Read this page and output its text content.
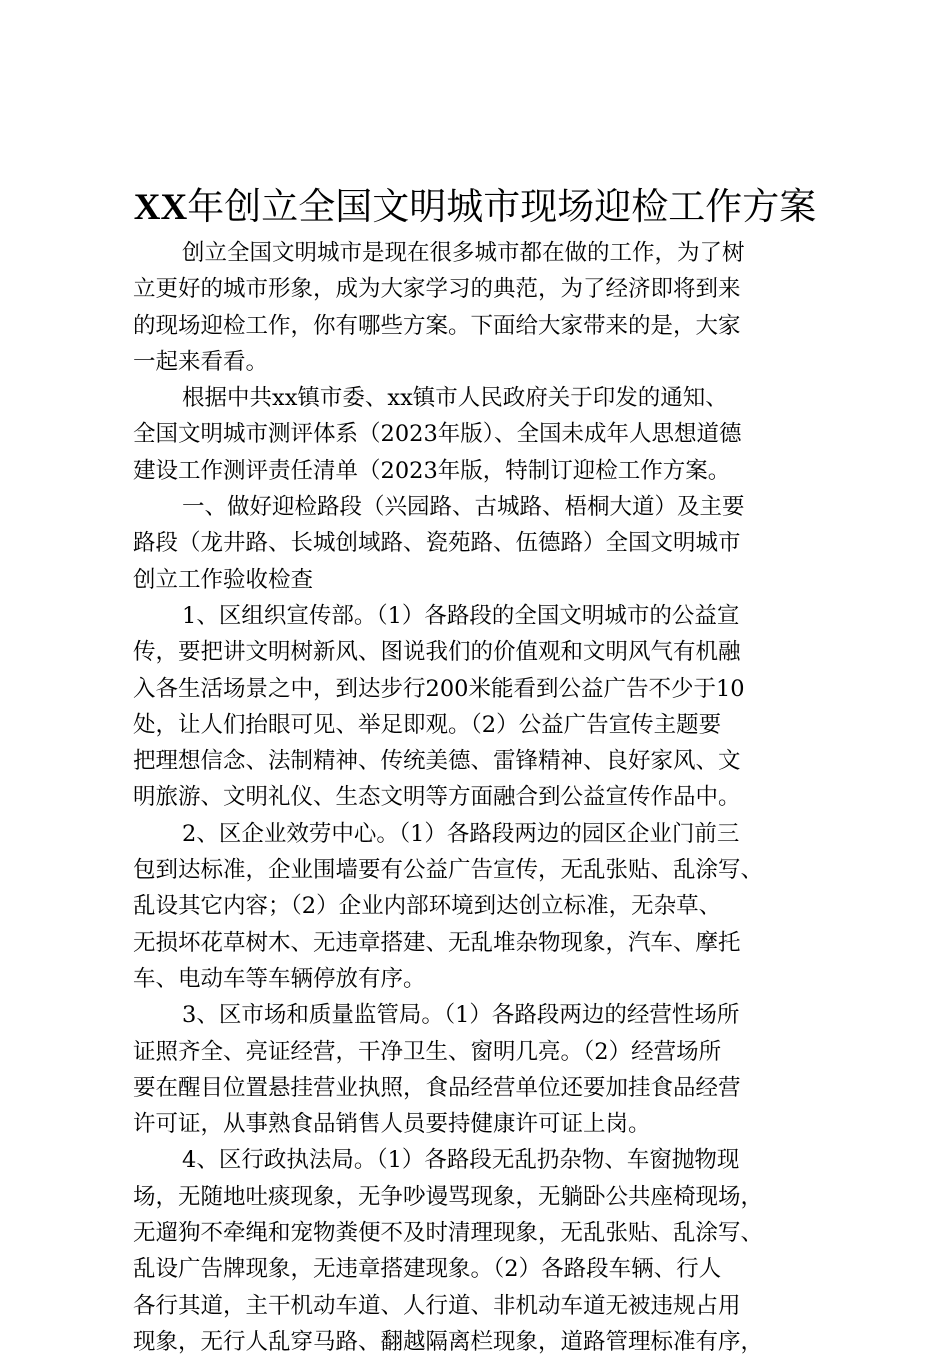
XX年创立全国文明城市现场迎检工作方案

创立全国文明城市是现在很多城市都在做的工作，为了树

立更好的城市形象，成为大家学习的典范，为了经济即将到来

的现场迎检工作，你有哪些方案。下面给大家带来的是，大家

一起来看看。

根据中共xx镇市委、xx镇市人民政府关于印发的通知、

全国文明城市测评体系（2023年版）、全国未成年人思想道德

建设工作测评责任清单（2023年版，特制订迎检工作方案。

一、做好迎检路段（兴园路、古城路、梧桐大道）及主要

路段（龙井路、长城创域路、瓷苑路、伍德路）全国文明城市

创立工作验收检查

1、区组织宣传部。（1）各路段的全国文明城市的公益宣

传，要把讲文明树新风、图说我们的价值观和文明风气有机融

入各生活场景之中，到达步行200米能看到公益广告不少于10

处，让人们抬眼可见、举足即观。（2）公益广告宣传主题要

把理想信念、法制精神、传统美德、雷锋精神、良好家风、文

明旅游、文明礼仪、生态文明等方面融合到公益宣传作品中。

2、区企业效劳中心。（1）各路段两边的园区企业门前三

包到达标准，企业围墙要有公益广告宣传，无乱张贴、乱涂写、

乱设其它内容；（2）企业内部环境到达创立标准，无杂草、

无损坏花草树木、无违章搭建、无乱堆杂物现象，汽车、摩托

车、电动车等车辆停放有序。

3、区市场和质量监管局。（1）各路段两边的经营性场所

证照齐全、亮证经营，干净卫生、窗明几亮。（2）经营场所

要在醒目位置悬挂营业执照，食品经营单位还要加挂食品经营

许可证，从事熟食品销售人员要持健康许可证上岗。

4、区行政执法局。（1）各路段无乱扔杂物、车窗抛物现

场，无随地吐痰现象，无争吵谩骂现象，无躺卧公共座椅现场，

无遛狗不牵绳和宠物粪便不及时清理现象，无乱张贴、乱涂写、

乱设广告牌现象，无违章搭建现象。（2）各路段车辆、行人

各行其道，主干机动车道、人行道、非机动车道无被违规占用

现象，无行人乱穿马路、翻越隔离栏现象，道路管理标准有序，
